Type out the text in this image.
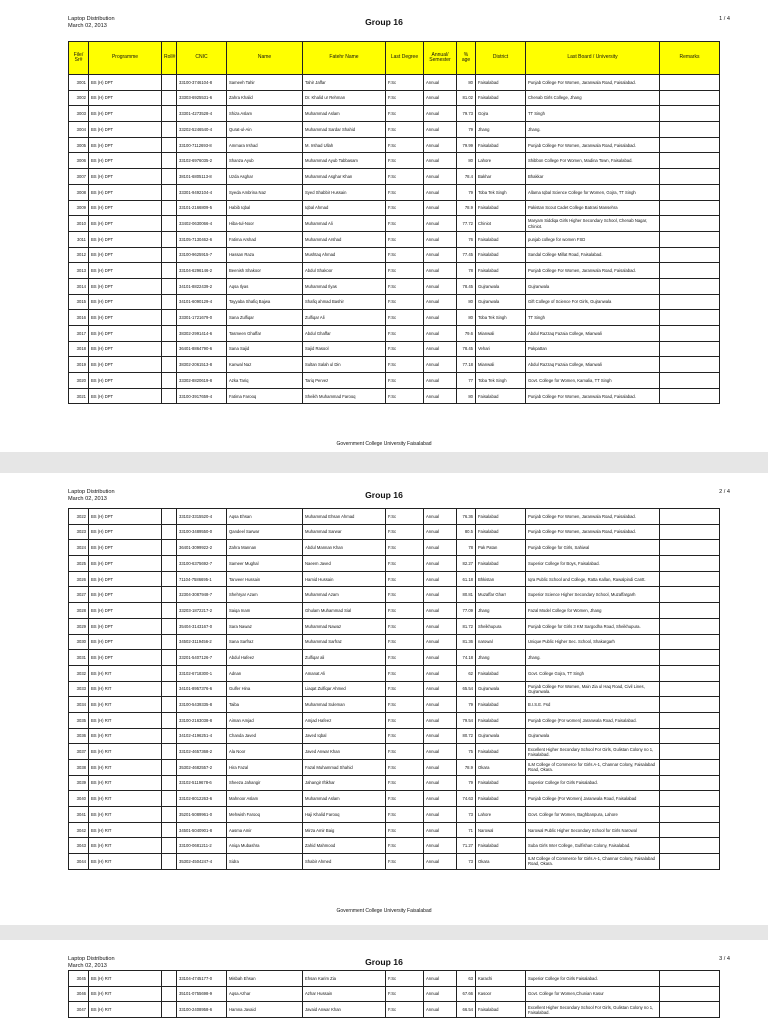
Laptop Distribution
March 02, 2013	Group 16	1 / 4
File/ Sr#	Programme	Roll#	CNIC	Name	Fatehr Name	Last Degree	Annual/ Semester	% age	District	Last Board / University	Remarks
3001	BS (H) DPT		33100-3746104-8	Sameeh Tahir	Tahir Jaffar	F.Sc	Annual	80	Faisalabad	Punjab College For Women, Jaranwala Road, Faisalabad.	
3002	BS (H) DPT		33303-6925531-6	Zahra Khalid	Dr. Khalid ur Rehman	F.Sc	Annual	81.02	Faisalabad	Chenab Girls College, Jhang	
3003	BS (H) DPT		33301-4273528-4	Shiza Aslam	Muhammad Aslam	F.Sc	Annual	79.73	Gojra	TT Singh	
3004	BS (H) DPT		33202-5246540-4	Qurat-ul-Ain	Muhammad Sardar Shahid	F.Sc	Annual	79	Jhang	Jhang.	
3005	BS (H) DPT		33100-7112693-8	Ammara Irshad	M. Irshad Ullah	F.Sc	Annual	79.99	Faisalabad	Punjab College For Women, Jaranwala Road, Faisalabad.	
3006	BS (H) DPT		33102-6976035-2	Shanza Ayub	Muhammad Ayub Tabbasam	F.Sc	Annual	80	Lahore	Shibbon College For Women, Madina Town, Faisalabad.	
3007	BS (H) DPT		38101-6805113-8	Uzda Asghar	Muhammad Asghar Khan	F.Sc	Annual	78.4	Bakhar	Bhakkar	
3008	BS (H) DPT		33301-9492104-4	Syeda Ambrina Naz	Syed Shabbir Hussain	F.Sc	Annual	79	Toba Tek Singh	Allama Iqbal Science College for Women, Gojra, TT Singh	
3009	BS (H) DPT		33101-2166809-5	Habib Iqbal	Iqbal Ahmad	F.Sc	Annual	78.9	Faisalabad	Pakistan Scout Cadet College Batrasi Mansehra	
3010	BS (H) DPT		33402-0630066-4	Hiba-tul-Noor	Muhammad Ali	F.Sc	Annual	77.72	Chiniot	Maryam Siddiqa Girls Higher Secondary School, Chenab Nagar, Chiniot.	
3011	BS (H) DPT		33105-7130462-6	Fatima Arshad	Muhammad Arshad	F.Sc	Annual	76	Faisalabad	punjab college for women FSD	
3012	BS (H) DPT		33100-9625915-7	Hassan Raza	Mushtaq Ahmad	F.Sc	Annual	77.45	Faisalabad	Sandal College Millat Road, Faisalabad.	
3013	BS (H) DPT		33104-6296146-2	Beenish Shakoor	Abdul Shakoor	F.Sc	Annual	78	Faisalabad	Punjab College For Women, Jaranwala Road, Faisalabad.	
3014	BS (H) DPT		34101-8822439-2	Aqsa Ilyas	Muhammad Ilyas	F.Sc	Annual	78.45	Gujranwala	Gujranwala	
3015	BS (H) DPT		34101-6090129-4	Tayyaba Shafiq Bajwa	Shafiq ahmad Bashir	F.Sc	Annual	80	Gujranwala	Gift College of Science For Girls, Gujranwala	
3016	BS (H) DPT		33301-1721679-0	Sana Zulfiqar	Zulfiqar Ali	F.Sc	Annual	80	Toba Tek Singh	TT Singh	
3017	BS (H) DPT		38302-2991414-6	Tasmeen Ghaffar	Abdul Ghaffar	F.Sc	Annual	79.6	Mianwali	Abdul Razzaq Fazaia College, Mianwali	
3018	BS (H) DPT		36401-8864790-6	Sana Sajid	Sajid Rasool	F.Sc	Annual	78.45	Vehari	Pakpattan	
3019	BS (H) DPT		38302-2061513-8	Kanwal Naz	Sultan Salah ul Din	F.Sc	Annual	77.18	Mianwali	Abdul Razzaq Fazaia College, Mianwali	
3020	BS (H) DPT		33302-8820619-8	Azka Tariq	Tariq Pervez	F.Sc	Annual	77	Toba Tek Singh	Govt. College for Women, Kamalia, TT Singh	
3021	BS (H) DPT		33100-3917659-4	Fatima Farooq	Sheikh Muhammad Farooq	F.Sc	Annual	80	Faisalabad	Punjab College For Women, Jaranwala Road, Faisalabad.	
Government College University Faisalabad
Laptop Distribution
March 02, 2013	Group 16	2 / 4
3022	BS (H) DPT		33102-3315520-4	Aqsa Ehsan	Muhammad Ehsan Ahmad	F.Sc	Annual	76.36	Faisalabad	Punjab College For Women, Jaranwala Road, Faisalabad.	
3023	BS (H) DPT		33100-3489550-0	Qandeel Sarwar	Muhammad Sarwar	F.Sc	Annual	80.5	Faisalabad	Punjab College For Women, Jaranwala Road, Faisalabad.	
3024	BS (H) DPT		36401-3099922-2	Zahra Mannan	Abdul Mannan Khan	F.Sc	Annual	78	Pak Patan	Punjab College for Girls, Sahiwal	
3025	BS (H) DPT		33100-6375692-7	Sameer Mughal	Naeem Javed	F.Sc	Annual	82.27	Faisalabad	Superior College for Boys, Faisalabad.	
3026	BS (H) DPT		71104-7586695-1	Tanveer Hussain	Hamid Hussain	F.Sc	Annual	61.18	Bhkistan	Iqra Public School and College, Ratta Kallan, Rawalpindi Cantt.	
3027	BS (H) DPT		32304-3087948-7	Shehryar Azam	Muhammad Azam	F.Sc	Annual	80.81	Muzaffar Gharr	Superior Science Higher Secondary School, Muzaffargarh	
3028	BS (H) DPT		33203-1872217-2	Saiqa Inam	Ghulam Muhammad Sial	F.Sc	Annual	77.09	Jhang	Fazal Model College for Women, Jhang	
3029	BS (H) DPT		35404-3143167-0	Sara Nawaz	Muhammad Nawaz	F.Sc	Annual	81.72	Sheikhupura	Punjab College for Girls 3 KM Sargodha Road, Sheikhupura.	
3030	BS (H) DPT		34502-3119456-2	Sana Sarfraz	Muhammad Sarfraz	F.Sc	Annual	81.36	narowal	Unique Public Higher Sec. School, Shakargarh	
3031	BS (H) DPT		33201-5407126-7	Abdul Hafeez	Zulfiqar ali	F.Sc	Annual	74.18	Jhang	Jhang.	
3032	BS (H) RIT		33102-6718300-1	Adnan	Amanat Ali	F.Sc	Annual	62	Faisalabad	Govt. College Gojra, TT Singh	
3033	BS (H) RIT		34101-8957376-6	Gulfer Hina	Liaqat Zulfiqar Ahmed	F.Sc	Annual	65.54	Gujranwala	Punjab College For Women, Main Zia ul Haq Road, Civil Lines, Gujranwala.	
3034	BS (H) RIT		33100-5439335-8	Taiba	Muhammad Suleman	F.Sc	Annual	79	Faisalabad	B.I.S.E. Fsd	
3035	BS (H) RIT		33100-2163038-8	Aiman Amjad	Amjad Hafeez	F.Sc	Annual	79.54	Faisalabad	Punjab College (For women) Jaranwala Road, Faisalabad.	
3036	BS (H) RIT		34102-4196251-4	Chanda Javed	Javed Iqbal	F.Sc	Annual	80.72	Gujranwala	Gujranwala	
3037	BS (H) RIT		33102-4657368-2	Ala Noor	Javed Anwar Khan	F.Sc	Annual	75	Faisalabad	Excellent Higher Secondary School For Girls, Gulistan Colony no 1, Faisalabad.	
3038	BS (H) RIT		35302-4682557-2	Hira Fazal	Fazal Muhammad Shahid	F.Sc	Annual	78.9	Okara	ILM College of Commerce for Girls A-1, Channar Colony, Faisalabad Road, Okara.	
3039	BS (H) RIT		33102-5119678-6	Sheeza Jahangir	Jahangir Iftikhar	F.Sc	Annual	79	Faisalabad	Superior College for Girls Faisalabad.	
3040	BS (H) RIT		33102-8012263-6	Mahnoor Aslam	Muhammad Aslam	F.Sc	Annual	74.63	Faisalabad	Punjab College (For Women) Jaranwala Road, Faisalabad	
3041	BS (H) RIT		35201-5089961-0	Mehwish Farooq	Haji Khalid Farooq	F.Sc	Annual	73	Lahore	Govt. College for Women, Baghbanpura, Lahore	
3042	BS (H) RIT		34501-5040901-8	Aasma Amir	Mirza Amir Baig	F.Sc	Annual	71	Narowal	Narowal Public Higher Secondary School for Girls Narowal	
3043	BS (H) RIT		33100-0681211-2	Aniqa Mubashra	Zahid Mahmood	F.Sc	Annual	71.27	Faisalabad	Suba Girls Inter College, Gulfishan Colony, Faisalabad.	
3044	BS (H) RIT		35302-4504247-4	Sidra	Shabir Ahmed	F.Sc	Annual	73	Okara	ILM College of Commerce for Girls A-1, Channar Colony, Faisalabad Road, Okara.	
Government College University Faisalabad
Laptop Distribution
March 02, 2013	Group 16	3 / 4
3045	BS (H) RIT		33104-4745177-0	Misbah Ehsan	Ehsan Karim Zia	F.Sc	Annual	63	Karachi	Superior College for Girls Faisalabad.	
3046	BS (H) RIT		35101-0755698-9	Aqsa Azhar	Azhar Hussain	F.Sc	Annual	67.66	Kasoor	Govt. College for Women,Chunian Kasur	
3047	BS (H) RIT		33100-2408958-6	Hamna Javaid	Javaid Anwar Khan	F.Sc	Annual	66.54	Faisalabad	Excellent Higher Secondary School For Girls, Gulistan Colony no 1, Faisalabad.	
